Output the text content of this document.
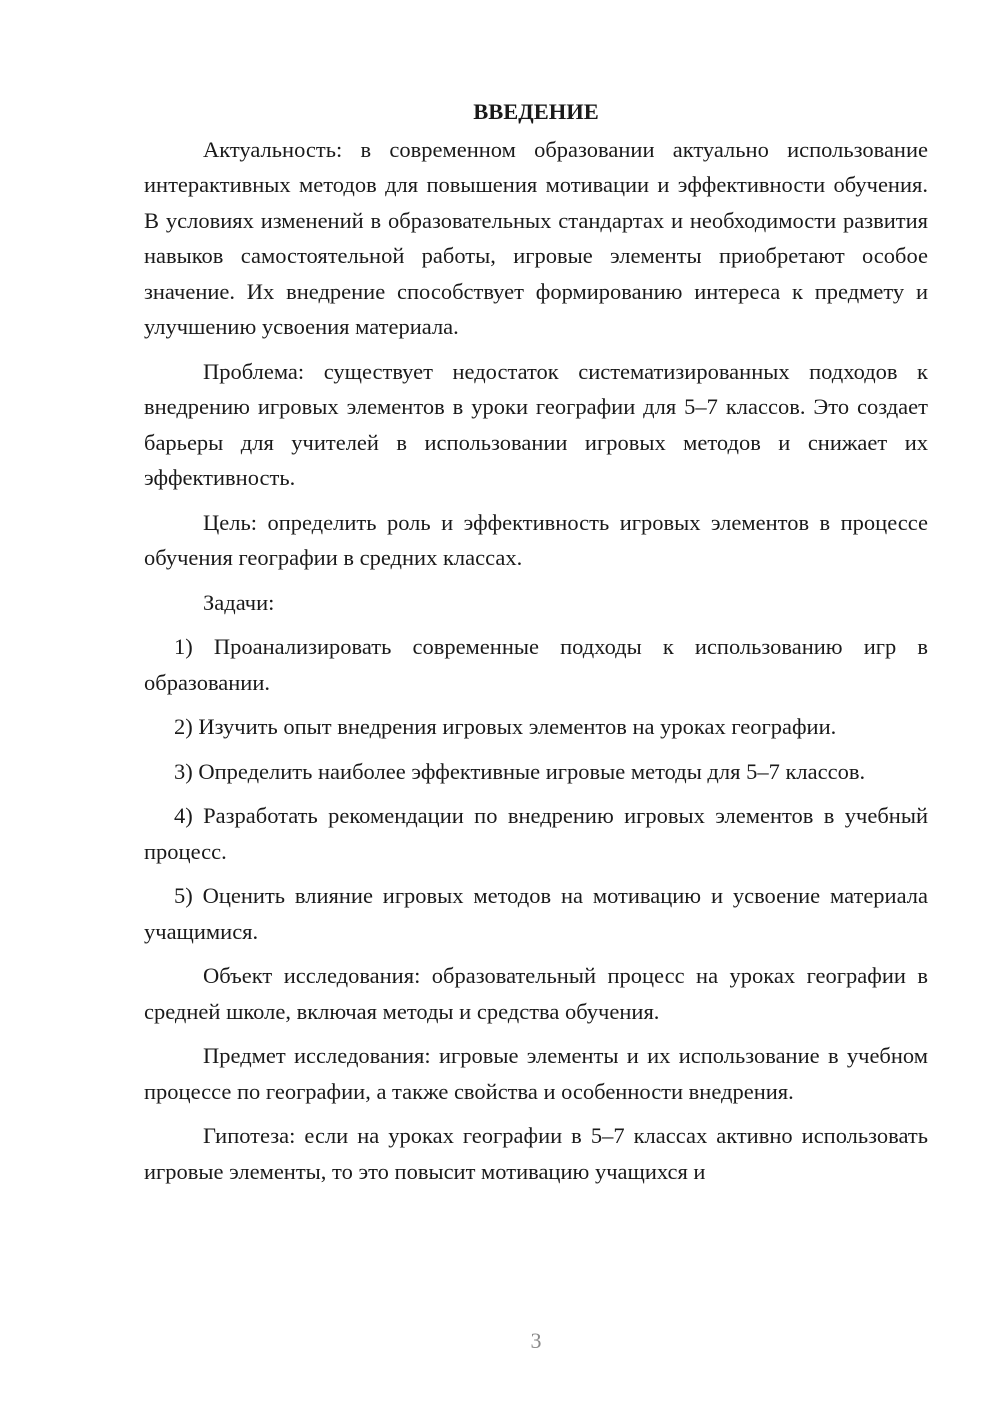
ВВЕДЕНИЕ

Актуальность: в современном образовании актуально использование интерактивных методов для повышения мотивации и эффективности обучения. В условиях изменений в образовательных стандартах и необходимости развития навыков самостоятельной работы, игровые элементы приобретают особое значение. Их внедрение способствует формированию интереса к предмету и улучшению усвоения материала.

Проблема: существует недостаток систематизированных подходов к внедрению игровых элементов в уроки географии для 5–7 классов. Это создает барьеры для учителей в использовании игровых методов и снижает их эффективность.

Цель: определить роль и эффективность игровых элементов в процессе обучения географии в средних классах.

Задачи:

1) Проанализировать современные подходы к использованию игр в образовании.

2) Изучить опыт внедрения игровых элементов на уроках географии.

3) Определить наиболее эффективные игровые методы для 5–7 классов.

4) Разработать рекомендации по внедрению игровых элементов в учебный процесс.

5) Оценить влияние игровых методов на мотивацию и усвоение материала учащимися.

Объект исследования: образовательный процесс на уроках географии в средней школе, включая методы и средства обучения.

Предмет исследования: игровые элементы и их использование в учебном процессе по географии, а также свойства и особенности внедрения.

Гипотеза: если на уроках географии в 5–7 классах активно использовать игровые элементы, то это повысит мотивацию учащихся и

3
